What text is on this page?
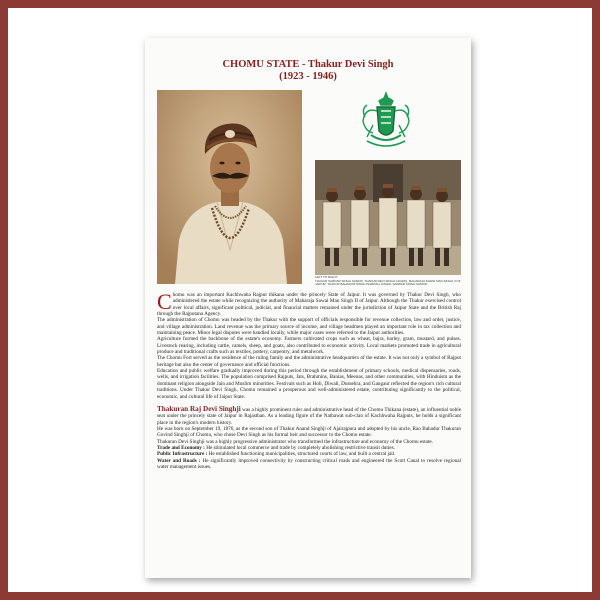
CHOMU STATE - Thakur Devi Singh
(1923 - 1946)
LEFT TO RIGHT
THAKUR SARDAR SINGH SAMOD, THAKUR DEVI SINGH CHOMU, MAHARAJA SAWAI MAN SINGH II OF
JAIPUR, THAKUR BAHADUR SINGH ISARDAH, RAWAL SARDAR SINGH SAMOD

Chomu was an important Kachhwaha Rajput thikana under the princely State of Jaipur. It was governed by Thakur Devi Singh, who administered the estate while recognizing the authority of Maharaja Sawai Man Singh II of Jaipur. Although the Thakur exercised control over local affairs, significant political, judicial, and financial matters remained under the jurisdiction of Jaipur State and the British Raj through the Rajputana Agency.

The administration of Chomu was headed by the Thakur with the support of officials responsible for revenue collection, law and order, justice, and village administration. Land revenue was the primary source of income, and village headmen played an important role in tax collection and maintaining peace. Minor legal disputes were handled locally, while major cases were referred to the Jaipur authorities.

Agriculture formed the backbone of the estate's economy. Farmers cultivated crops such as wheat, bajra, barley, gram, mustard, and pulses. Livestock rearing, including cattle, camels, sheep, and goats, also contributed to economic activity. Local markets promoted trade in agricultural produce and traditional crafts such as textiles, pottery, carpentry, and metalwork.

The Chomu Fort served as the residence of the ruling family and the administrative headquarters of the estate. It was not only a symbol of Rajput heritage but also the center of governance and official functions.

Education and public welfare gradually improved during this period through the establishment of primary schools, medical dispensaries, roads, wells, and irrigation facilities. The population comprised Rajputs, Jats, Brahmins, Banias, Meenas, and other communities, with Hinduism as the dominant religion alongside Jain and Muslim minorities. Festivals such as Holi, Diwali, Dussehra, and Gangaur reflected the region's rich cultural traditions. Under Thakur Devi Singh, Chomu remained a prosperous and well-administered estate, contributing significantly to the political, economic, and cultural life of Jaipur State.

Thakuran Raj Devi Singhji was a highly prominent ruler and administrative head of the Chomu Thikana (estate), an influential noble seat under the princely state of Jaipur in Rajasthan. As a leading figure of the Nathawat sub-clan of Kachhwaha Rajputs, he holds a significant place in the region's modern history.

He was born on September 19, 1876, as the second son of Thakur Anand Singhji of Ajairajpura and adopted by his uncle, Rao Bahadur Thakuran Govind Singhji of Chomu, who chose Devi Singh as his formal heir and successor to the Chomu estate.

Thakuran Devi Singhji was a highly progressive administrator who transformed the infrastructure and economy of the Chomu estate.

Trade and Economy : He stimulated local commerce and trade by completely abolishing restrictive transit duties.

Public Infrastructure : He established functioning municipalities, structured courts of law, and built a central jail.

Water and Roads : He significantly improved connectivity by constructing critical roads and engineered the Scott Canal to resolve regional water management issues.
